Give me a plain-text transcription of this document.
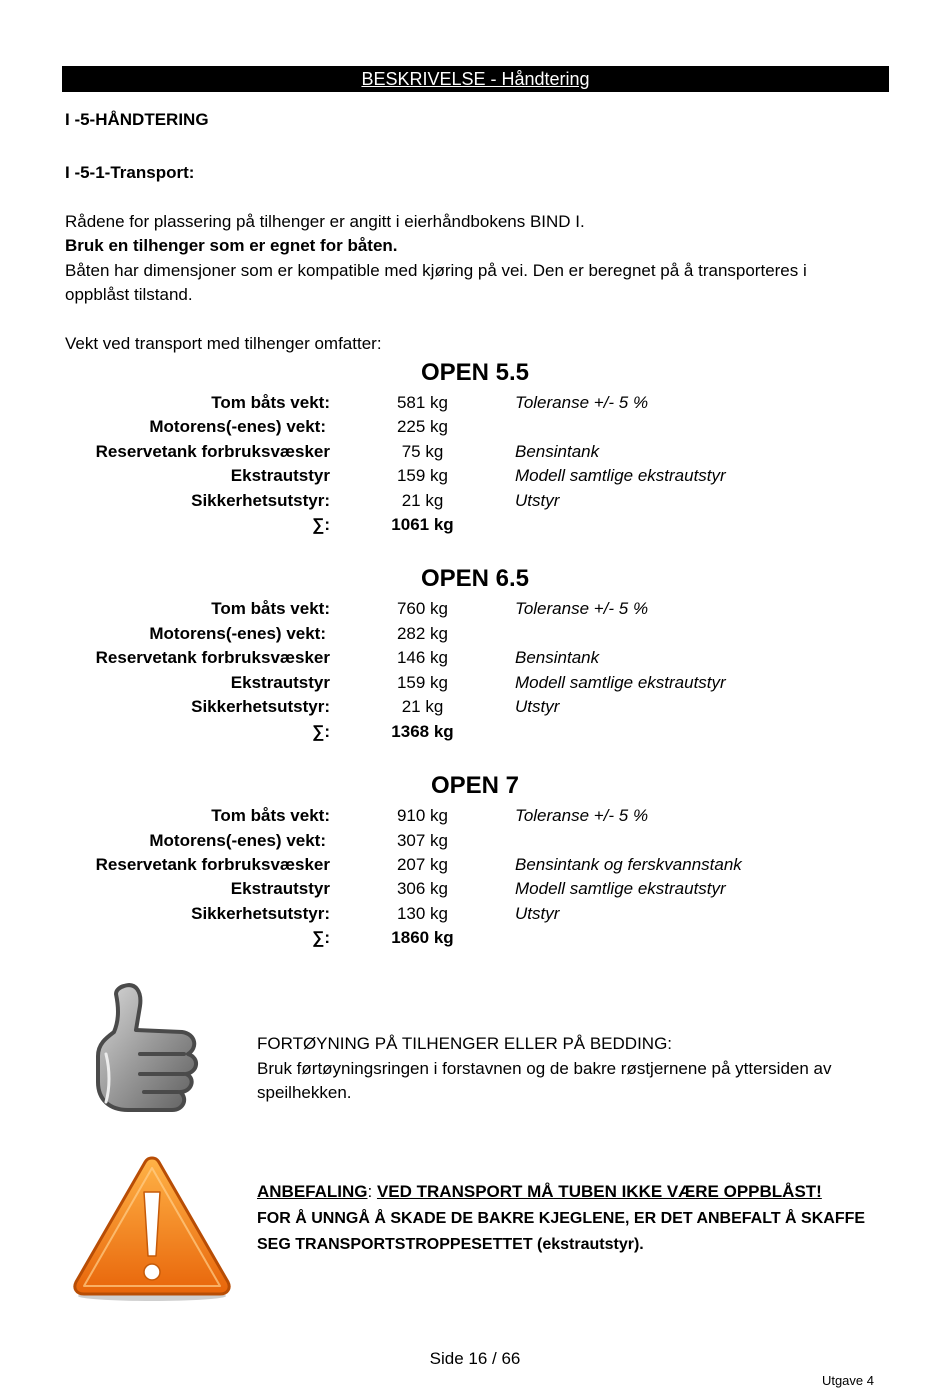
BESKRIVELSE - Håndtering
I -5-HÅNDTERING
I -5-1-Transport:
Rådene for plassering på tilhenger er angitt i eierhåndbokens BIND I.
Bruk en tilhenger som er egnet for båten.
Båten har dimensjoner som er kompatible med kjøring på vei. Den er beregnet på å transporteres i
oppblåst tilstand.
Vekt ved transport med tilhenger omfatter:
OPEN 5.5
Tom båts vekt:	581 kg	Toleranse +/- 5 %
Motorens(-enes) vekt:	225 kg
Reservetank forbruksvæsker	75 kg	Bensintank
Ekstrautstyr	159 kg	Modell samtlige ekstrautstyr
Sikkerhetsutstyr:	21 kg	Utstyr
∑:	1061 kg
OPEN 6.5
Tom båts vekt:	760 kg	Toleranse +/- 5 %
Motorens(-enes) vekt:	282 kg
Reservetank forbruksvæsker	146 kg	Bensintank
Ekstrautstyr	159 kg	Modell samtlige ekstrautstyr
Sikkerhetsutstyr:	21 kg	Utstyr
∑:	1368 kg
OPEN 7
Tom båts vekt:	910 kg	Toleranse +/- 5 %
Motorens(-enes) vekt:	307 kg
Reservetank forbruksvæsker	207 kg	Bensintank og ferskvannstank
Ekstrautstyr	306 kg	Modell samtlige ekstrautstyr
Sikkerhetsutstyr:	130 kg	Utstyr
∑:	1860 kg
FORTØYNING PÅ TILHENGER ELLER PÅ BEDDING:
Bruk førtøyningsringen i forstavnen og de bakre røstjernene på yttersiden av
speilhekken.
ANBEFALING: VED TRANSPORT MÅ TUBEN IKKE VÆRE OPPBLÅST!
FOR Å UNNGÅ Å SKADE DE BAKRE KJEGLENE, ER DET ANBEFALT Å SKAFFE
SEG TRANSPORTSTROPPESETTET (ekstrautstyr).
Side 16 / 66
Utgave 4
